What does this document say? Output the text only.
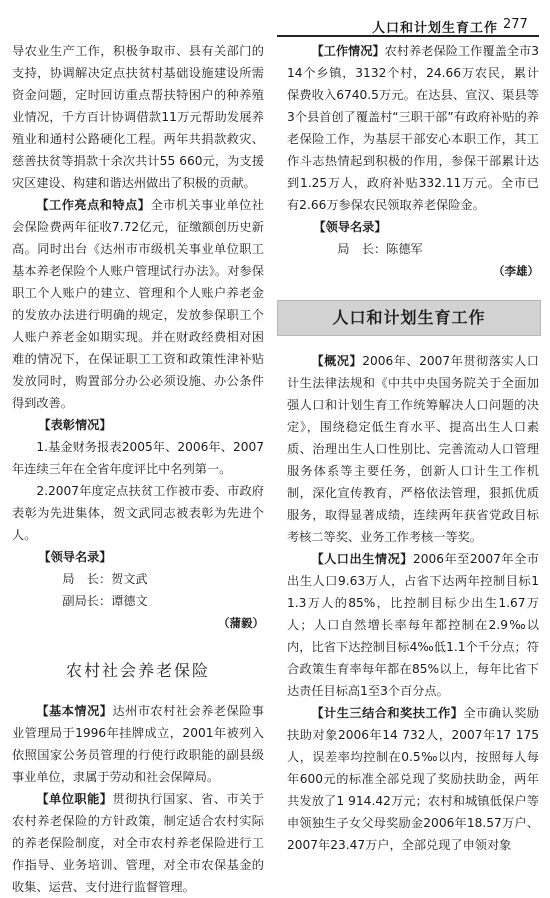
人口和计划生育工作 277

导农业生产工作，积极争取市、县有关部门的支持，协调解决定点扶贫村基础设施建设所需资金问题，定时回访重点帮扶特困户的种养殖业情况，千方百计协调借款11万元帮助发展养殖业和通村公路硬化工程。两年共捐款救灾、慈善扶贫等捐款十余次共计55 660元，为支援灾区建设、构建和谐达州做出了积极的贡献。

【工作亮点和特点】全市机关事业单位社会保险费两年征收7.72亿元，征缴额创历史新高。同时出台《达州市市级机关事业单位职工基本养老保险个人账户管理试行办法》。对参保职工个人账户的建立、管理和个人账户养老金的发放办法进行明确的规定，发放参保职工个人账户养老金如期实现。并在财政经费相对困难的情况下，在保证职工工资和政策性津补贴发放同时，购置部分办公必须设施、办公条件得到改善。

【表彰情况】

1.基金财务报表2005年、2006年、2007年连续三年在全省年度评比中名列第一。

2.2007年度定点扶贫工作被市委、市政府表彰为先进集体，贺文武同志被表彰为先进个人。

【领导名录】

局　长：贺文武

副局长：谭德文

（蒲毅）

农村社会养老保险

【基本情况】达州市农村社会养老保险事业管理局于1996年挂牌成立，2001年被列入依照国家公务员管理的行使行政职能的副县级事业单位，隶属于劳动和社会保障局。

【单位职能】贯彻执行国家、省、市关于农村养老保险的方针政策，制定适合农村实际的养老保险制度，对全市农村养老保险进行工作指导、业务培训、管理，对全市农保基金的收集、运营、支付进行监督管理。

【工作情况】农村养老保险工作覆盖全市314个乡镇，3132个村，24.66万农民，累计保费收入6740.5万元。在达县、宣汉、渠县等3个县首创了覆盖村“三职干部”有政府补贴的养老保险工作，为基层干部安心本职工作，其工作斗志热情起到积极的作用，参保干部累计达到1.25万人，政府补贴332.11万元。全市已有2.66万参保农民领取养老保险金。

【领导名录】

局　长：陈德军

（李雄）

人口和计划生育工作

【概况】2006年、2007年贯彻落实人口计生法律法规和《中共中央国务院关于全面加强人口和计划生育工作统筹解决人口问题的决定》，围绕稳定低生育水平、提高出生人口素质、治理出生人口性别比、完善流动人口管理服务体系等主要任务，创新人口计生工作机制，深化宣传教育，严格依法管理，狠抓优质服务，取得显著成绩，连续两年获省党政目标考核二等奖、业务工作考核一等奖。

【人口出生情况】2006年至2007年全市出生人口9.63万人，占省下达两年控制目标11.3万人的85%，比控制目标少出生1.67万人；人口自然增长率每年都控制在2.9‰以内，比省下达控制目标4‰低1.1个千分点；符合政策生育率每年都在85%以上，每年比省下达责任目标高1至3个百分点。

【计生三结合和奖扶工作】全市确认奖励扶助对象2006年14 732人，2007年17 175人，误差率均控制在0.5‰以内，按照每人每年600元的标准全部兑现了奖励扶助金，两年共发放了1 914.42万元；农村和城镇低保户等申领独生子女父母奖励金2006年18.57万户、2007年23.47万户，全部兑现了申领对象
